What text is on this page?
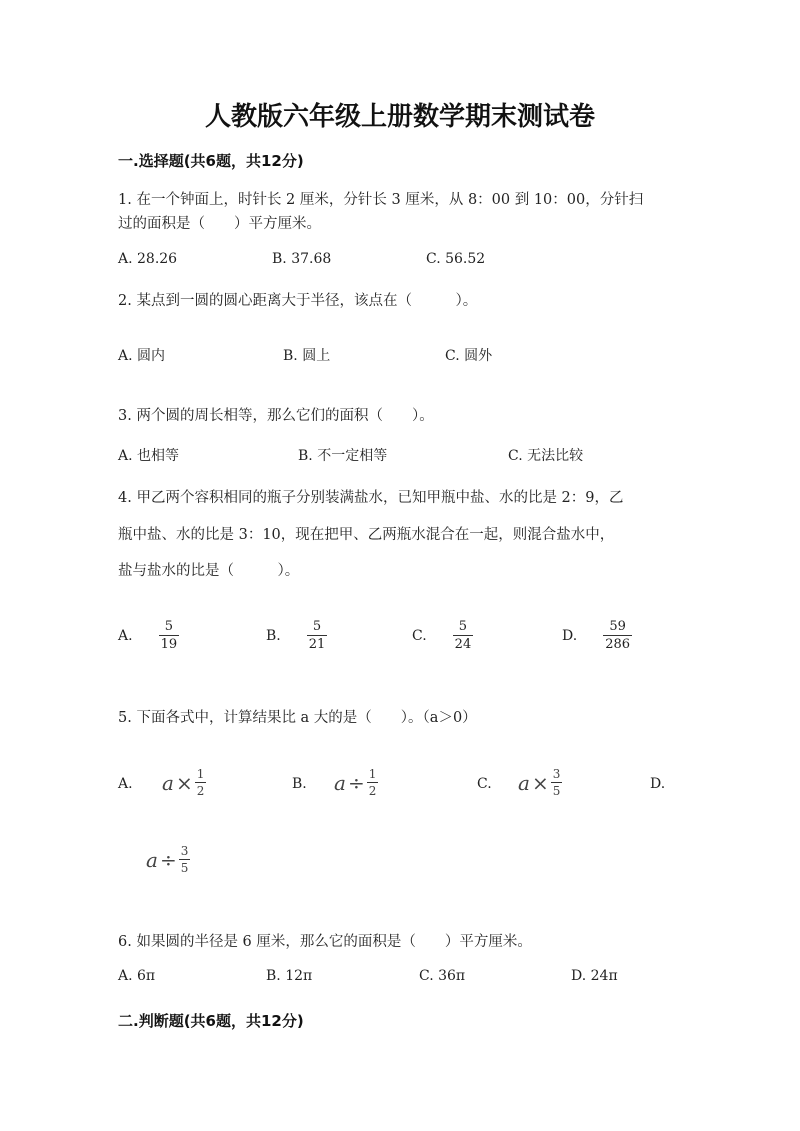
人教版六年级上册数学期末测试卷
一.选择题(共6题，共12分)
1. 在一个钟面上，时针长 2 厘米，分针长 3 厘米，从 8：00 到 10：00，分针扫
过的面积是（　　）平方厘米。
A. 28.26	B. 37.68	C. 56.52
2. 某点到一圆的圆心距离大于半径，该点在（　　　）。
A. 圆内	B. 圆上	C. 圆外
3. 两个圆的周长相等，那么它们的面积（　　）。
A. 也相等	B. 不一定相等	C. 无法比较
4. 甲乙两个容积相同的瓶子分别装满盐水，已知甲瓶中盐、水的比是 2：9，乙
瓶中盐、水的比是 3：10，现在把甲、乙两瓶水混合在一起，则混合盐水中，
盐与盐水的比是（　　　）。
A. $\frac{5}{19}$	B. $\frac{5}{21}$	C. $\frac{5}{24}$	D. $\frac{59}{286}$
5. 下面各式中，计算结果比 a 大的是（　　）。（a＞0）
A. $a \times \frac{1}{2}$	B. $a \div \frac{1}{2}$	C. $a \times \frac{3}{5}$	D.
$a \div \frac{3}{5}$
6. 如果圆的半径是 6 厘米，那么它的面积是（　　）平方厘米。
A. 6π	B. 12π	C. 36π	D. 24π
二.判断题(共6题，共12分)
